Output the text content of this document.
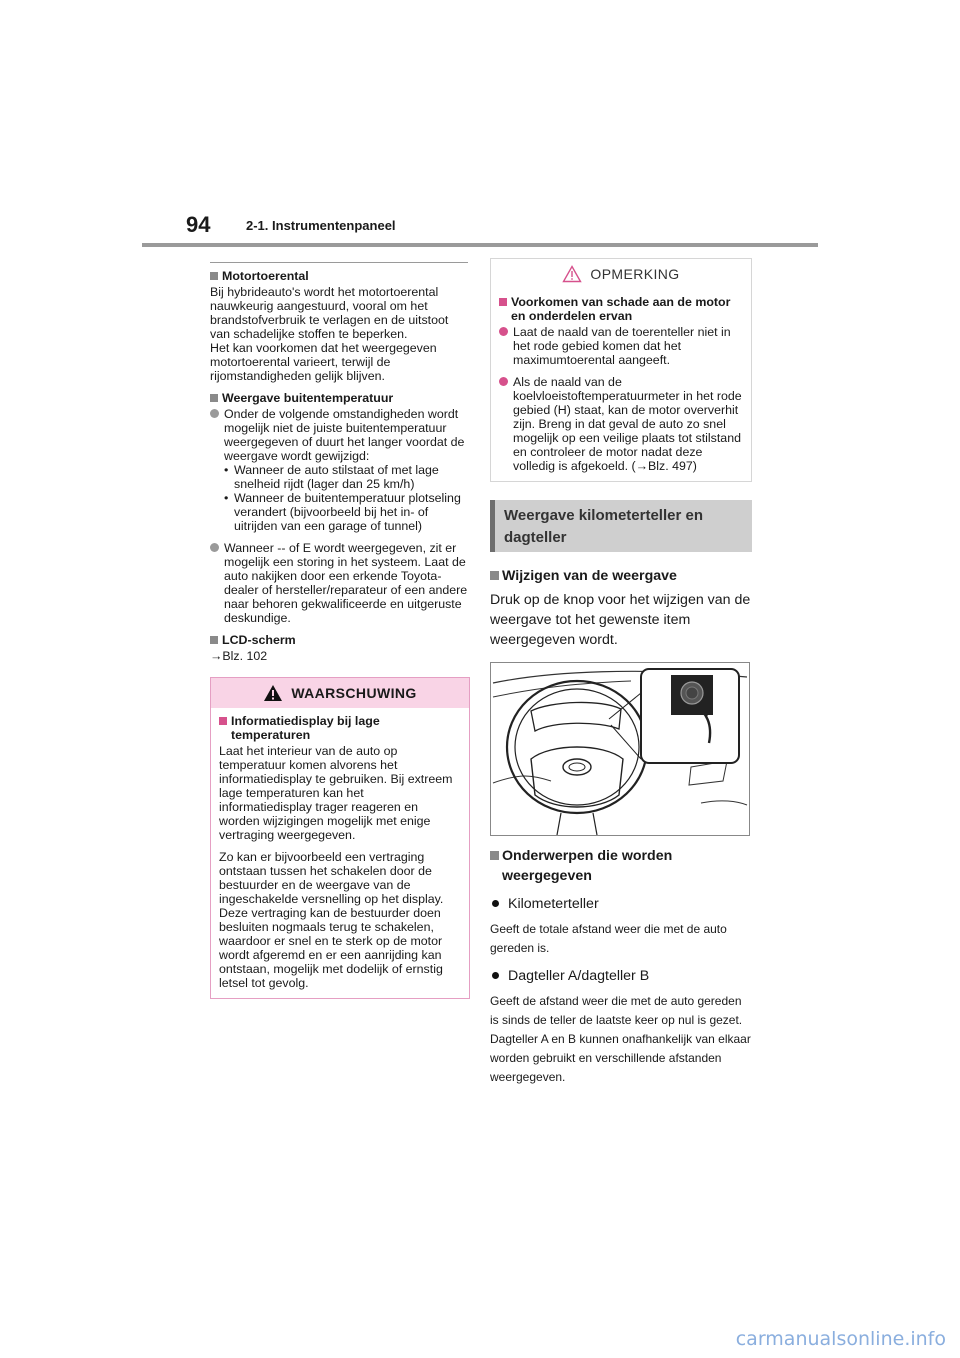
94	2-1. Instrumentenpaneel
Motortoerental
Bij hybrideauto's wordt het motortoerental nauwkeurig aangestuurd, vooral om het brandstofverbruik te verlagen en de uitstoot van schadelijke stoffen te beperken.
Het kan voorkomen dat het weergegeven motortoerental varieert, terwijl de rijomstandigheden gelijk blijven.
Weergave buitentemperatuur
Onder de volgende omstandigheden wordt mogelijk niet de juiste buitentemperatuur weergegeven of duurt het langer voordat de weergave wordt gewijzigd:
• Wanneer de auto stilstaat of met lage snelheid rijdt (lager dan 25 km/h)
• Wanneer de buitentemperatuur plotseling verandert (bijvoorbeeld bij het in- of uitrijden van een garage of tunnel)
Wanneer -- of E wordt weergegeven, zit er mogelijk een storing in het systeem. Laat de auto nakijken door een erkende Toyota-dealer of hersteller/reparateur of een andere naar behoren gekwalificeerde en uitgeruste deskundige.
LCD-scherm
→Blz. 102
WAARSCHUWING
Informatiedisplay bij lage temperaturen
Laat het interieur van de auto op temperatuur komen alvorens het informatiedisplay te gebruiken. Bij extreem lage temperaturen kan het informatiedisplay trager reageren en worden wijzigingen mogelijk met enige vertraging weergegeven.
Zo kan er bijvoorbeeld een vertraging ontstaan tussen het schakelen door de bestuurder en de weergave van de ingeschakelde versnelling op het display. Deze vertraging kan de bestuurder doen besluiten nogmaals terug te schakelen, waardoor er snel en te sterk op de motor wordt afgeremd en er een aanrijding kan ontstaan, mogelijk met dodelijk of ernstig letsel tot gevolg.
OPMERKING
Voorkomen van schade aan de motor en onderdelen ervan
Laat de naald van de toerenteller niet in het rode gebied komen dat het maximumtoerental aangeeft.
Als de naald van de koelvloeistoftemperatuurmeter in het rode gebied (H) staat, kan de motor oververhit zijn. Breng in dat geval de auto zo snel mogelijk op een veilige plaats tot stilstand en controleer de motor nadat deze volledig is afgekoeld. (→Blz. 497)
Weergave kilometerteller en dagteller
Wijzigen van de weergave
Druk op de knop voor het wijzigen van de weergave tot het gewenste item weergegeven wordt.
Onderwerpen die worden weergegeven
Kilometerteller
Geeft de totale afstand weer die met de auto gereden is.
Dagteller A/dagteller B
Geeft de afstand weer die met de auto gereden is sinds de teller de laatste keer op nul is gezet. Dagteller A en B kunnen onafhankelijk van elkaar worden gebruikt en verschillende afstanden weergegeven.
carmanualsonline.info
